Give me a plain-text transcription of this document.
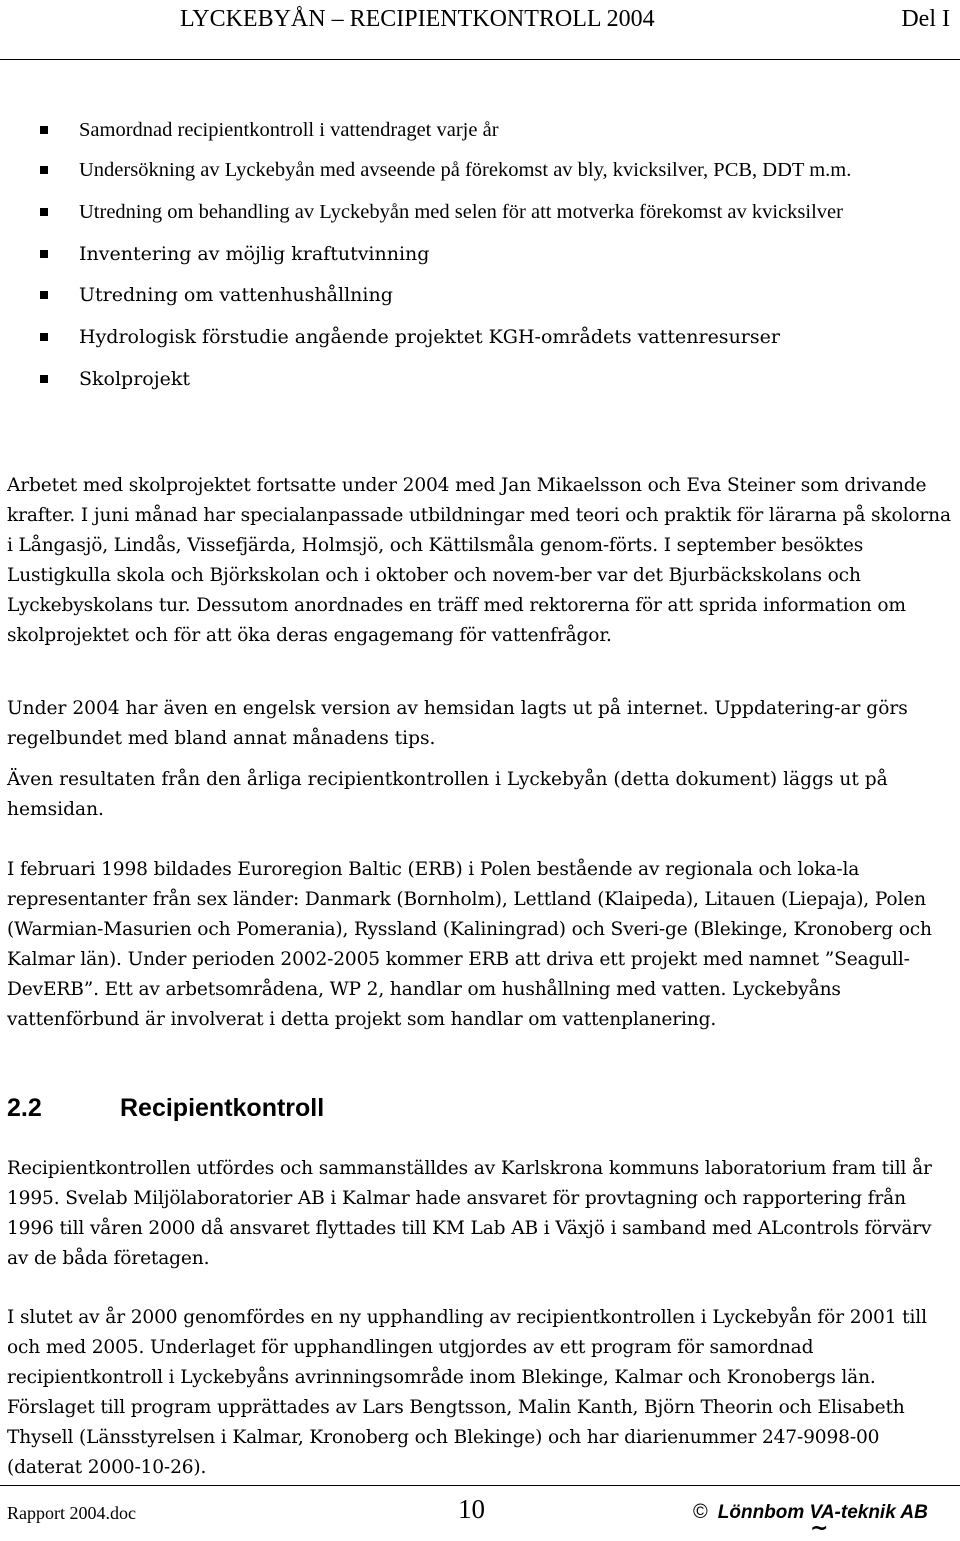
LYCKEBYÅN – RECIPIENTKONTROLL 2004	Del I
Samordnad recipientkontroll i vattendraget varje år
Undersökning av Lyckebyån med avseende på förekomst av bly, kvicksilver, PCB, DDT m.m.
Utredning om behandling av Lyckebyån med selen för att motverka förekomst av kvicksilver
Inventering av möjlig kraftutvinning
Utredning om vattenhushållning
Hydrologisk förstudie angående projektet KGH-områdets vattenresurser
Skolprojekt
Arbetet med skolprojektet fortsatte under 2004 med Jan Mikaelsson och Eva Steiner som drivande krafter. I juni månad har specialanpassade utbildningar med teori och praktik för lärarna på skolorna i Långasjö, Lindås, Vissefjärda, Holmsjö, och Kättilsmåla genom-förts. I september besöktes Lustigkulla skola och Björkskolan och i oktober och novem-ber var det Bjurbäckskolans och Lyckebyskolans tur. Dessutom anordnades en träff med rektorerna för att sprida information om skolprojektet och för att öka deras engagemang för vattenfrågor.
Under 2004 har även en engelsk version av hemsidan lagts ut på internet. Uppdatering-ar görs regelbundet med bland annat månadens tips.
Även resultaten från den årliga recipientkontrollen i Lyckebyån (detta dokument) läggs ut på hemsidan.
I februari 1998 bildades Euroregion Baltic (ERB) i Polen bestående av regionala och loka-la representanter från sex länder: Danmark (Bornholm), Lettland (Klaipeda), Litauen (Liepaja), Polen (Warmian-Masurien och Pomerania), Ryssland (Kaliningrad) och Sveri-ge (Blekinge, Kronoberg och Kalmar län). Under perioden 2002-2005 kommer ERB att driva ett projekt med namnet ”Seagull-DevERB”. Ett av arbetsområdena, WP 2, handlar om hushållning med vatten. Lyckebyåns vattenförbund är involverat i detta projekt som handlar om vattenplanering.
2.2	Recipientkontroll
Recipientkontrollen utfördes och sammanställdes av Karlskrona kommuns laboratorium fram till år 1995. Svelab Miljölaboratorier AB i Kalmar hade ansvaret för provtagning och rapportering från 1996 till våren 2000 då ansvaret flyttades till KM Lab AB i Växjö i samband med ALcontrols förvärv av de båda företagen.
I slutet av år 2000 genomfördes en ny upphandling av recipientkontrollen i Lyckebyån för 2001 till och med 2005. Underlaget för upphandlingen utgjordes av ett program för samordnad recipientkontroll i Lyckebyåns avrinningsområde inom Blekinge, Kalmar och Kronobergs län. Förslaget till program upprättades av Lars Bengtsson, Malin Kanth, Björn Theorin och Elisabeth Thysell (Länsstyrelsen i Kalmar, Kronoberg och Blekinge) och har diarienummer 247-9098-00 (daterat 2000-10-26).
Rapport 2004.doc	10	© Lönnbom VA-teknik AB
~
